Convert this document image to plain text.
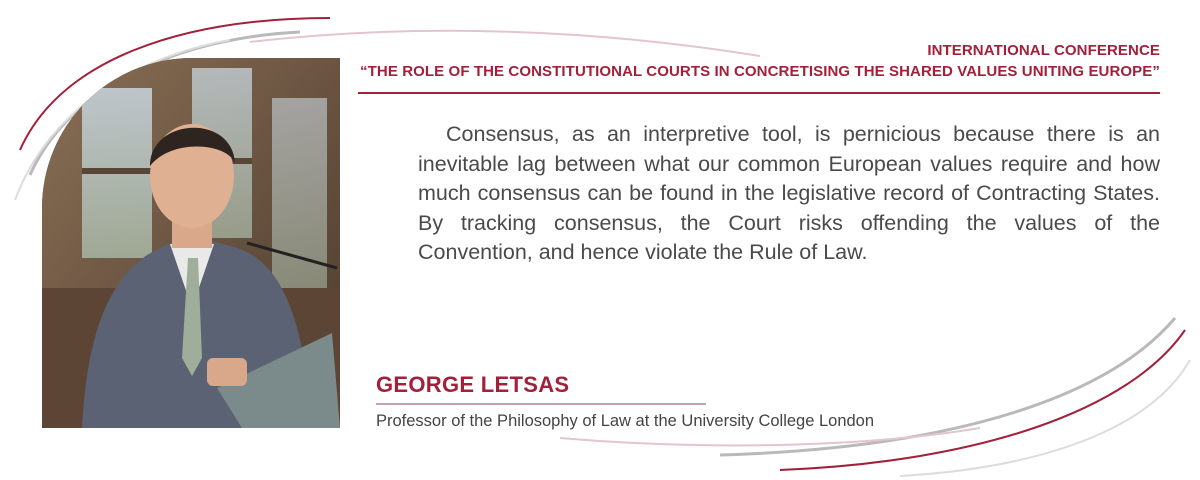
INTERNATIONAL CONFERENCE
“THE ROLE OF THE CONSTITUTIONAL COURTS IN CONCRETISING THE SHARED VALUES UNITING EUROPE”

Consensus, as an interpretive tool, is pernicious because there is an inevitable lag between what our common European values require and how much consensus can be found in the legislative record of Contracting States. By tracking consensus, the Court risks offending the values of the Convention, and hence violate the Rule of Law.

GEORGE LETSAS
Professor of the Philosophy of Law at the University College London
